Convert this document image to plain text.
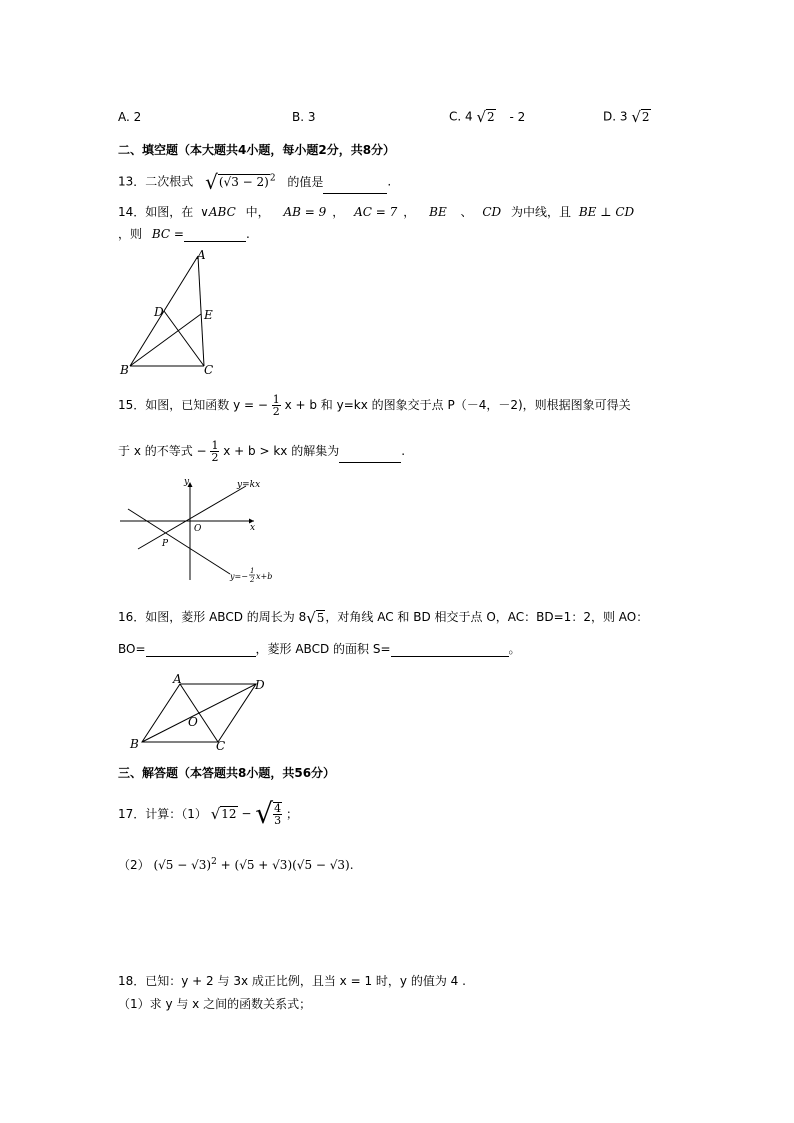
A. 2	B. 3	C. 4 √2 - 2	D. 3 √2
二、填空题（本大题共4小题，每小题2分，共8分）
13．二次根式 $√(√3 - 2)^2$ 的值是	.
14．如图，在 ∨ABC 中， AB = 9 ， AC = 7 ， BE 、 CD 为中线，且 BE ⊥ CD
，则 BC =	.
A
D	E
B	C
15．如图，已知函数 y = − $\frac{1}{2}$ x + b 和 y=kx 的图象交于点 P（－4，－2)，则根据图象可得关
于 x 的不等式 − $\frac{1}{2}$ x + b > kx 的解集为	.
y
x
O
P
y=kx
y=−
1
2 x+b
16．如图，菱形 ABCD 的周长为 8√5，对角线 AC 和 BD 相交于点 O，AC：BD=1：2，则 AO：
BO=	，菱形 ABCD 的面积 S=	。
A	D
O
B	C
三、解答题（本答题共8小题，共56分）
17．计算：（1） √12 − √ $\frac{4}{3}$ ；
（2） $(√5 - √3)^2 + (√5 + √3)(√5 - √3)$.
18．已知：y + 2 与 3x 成正比例，且当 x = 1 时，y 的值为 4 .
（1）求 y 与 x 之间的函数关系式；
